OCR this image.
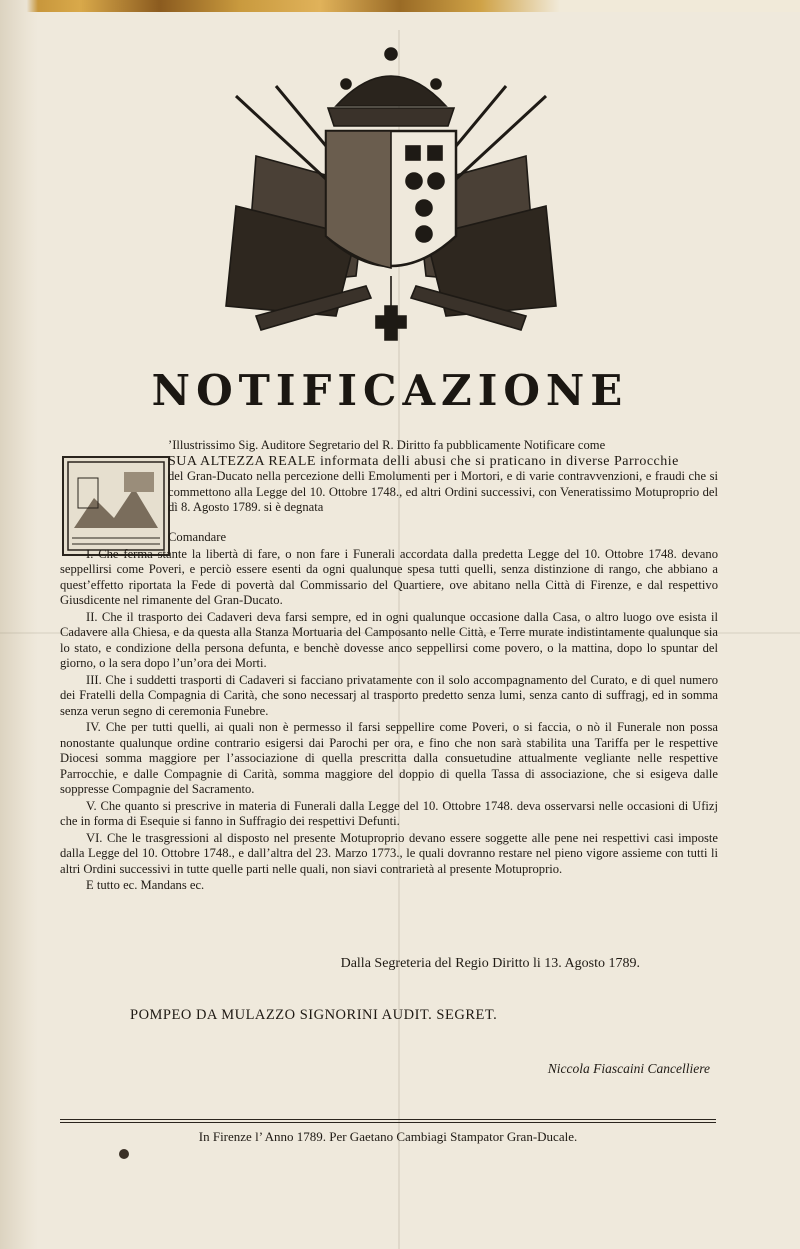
NOTIFICAZIONE
’Illustrissimo Sig. Auditore Segretario del R. Diritto fa pubblicamente Notificare come
SUA ALTEZZA REALE informata delli abusi che si praticano in diverse Parrocchie
del Gran-Ducato nella percezione delli Emolumenti per i Mortori, e di varie contravvenzioni, e fraudi che si commettono alla Legge del 10. Ottobre 1748., ed altri Ordini successivi, con Veneratissimo Motuproprio del dì 8. Agosto 1789. si è degnata

Comandare

I. Che ferma stante la libertà di fare, o non fare i Funerali accordata dalla predetta Legge del 10. Ottobre 1748. devano seppellirsi come Poveri, e perciò essere esenti da ogni qualunque spesa tutti quelli, senza distinzione di rango, che abbiano a quest’effetto riportata la Fede di povertà dal Commissario del Quartiere, ove abitano nella Città di Firenze, e dal respettivo Giusdicente nel rimanente del Gran-Ducato.

II. Che il trasporto dei Cadaveri deva farsi sempre, ed in ogni qualunque occasione dalla Casa, o altro luogo ove esista il Cadavere alla Chiesa, e da questa alla Stanza Mortuaria del Camposanto nelle Città, e Terre murate indistintamente qualunque sia lo stato, e condizione della persona defunta, e benchè dovesse anco seppellirsi come povero, o la mattina, dopo lo spuntar del giorno, o la sera dopo l’un’ora dei Morti.

III. Che i suddetti trasporti di Cadaveri si facciano privatamente con il solo accompagnamento del Curato, e di quel numero dei Fratelli della Compagnia di Carità, che sono necessarj al trasporto predetto senza lumi, senza canto di suffragj, ed in somma senza verun segno di ceremonia Funebre.

IV. Che per tutti quelli, ai quali non è permesso il farsi seppellire come Poveri, o si faccia, o nò il Funerale non possa nonostante qualunque ordine contrario esigersi dai Parochi per ora, e fino che non sarà stabilita una Tariffa per le respettive Diocesi somma maggiore per l’associazione di quella prescritta dalla consuetudine attualmente vegliante nelle respettive Parrocchie, e dalle Compagnie di Carità, somma maggiore del doppio di quella Tassa di associazione, che si esigeva dalle soppresse Compagnie del Sacramento.

V. Che quanto si prescrive in materia di Funerali dalla Legge del 10. Ottobre 1748. deva osservarsi nelle occasioni di Ufizj che in forma di Esequie si fanno in Suffragio dei respettivi Defunti.

VI. Che le trasgressioni al disposto nel presente Motuproprio devano essere soggette alle pene nei respettivi casi imposte dalla Legge del 10. Ottobre 1748., e dall’altra del 23. Marzo 1773., le quali dovranno restare nel pieno vigore assieme con tutti li altri Ordini successivi in tutte quelle parti nelle quali, non siavi contrarietà al presente Motuproprio.

E tutto ec. Mandans ec.

Dalla Segreteria del Regio Diritto li 13. Agosto 1789.
POMPEO DA MULAZZO SIGNORINI AUDIT. SEGRET.
Niccola Fiascaini Cancelliere
In Firenze l’ Anno 1789. Per Gaetano Cambiagi Stampator Gran-Ducale.
